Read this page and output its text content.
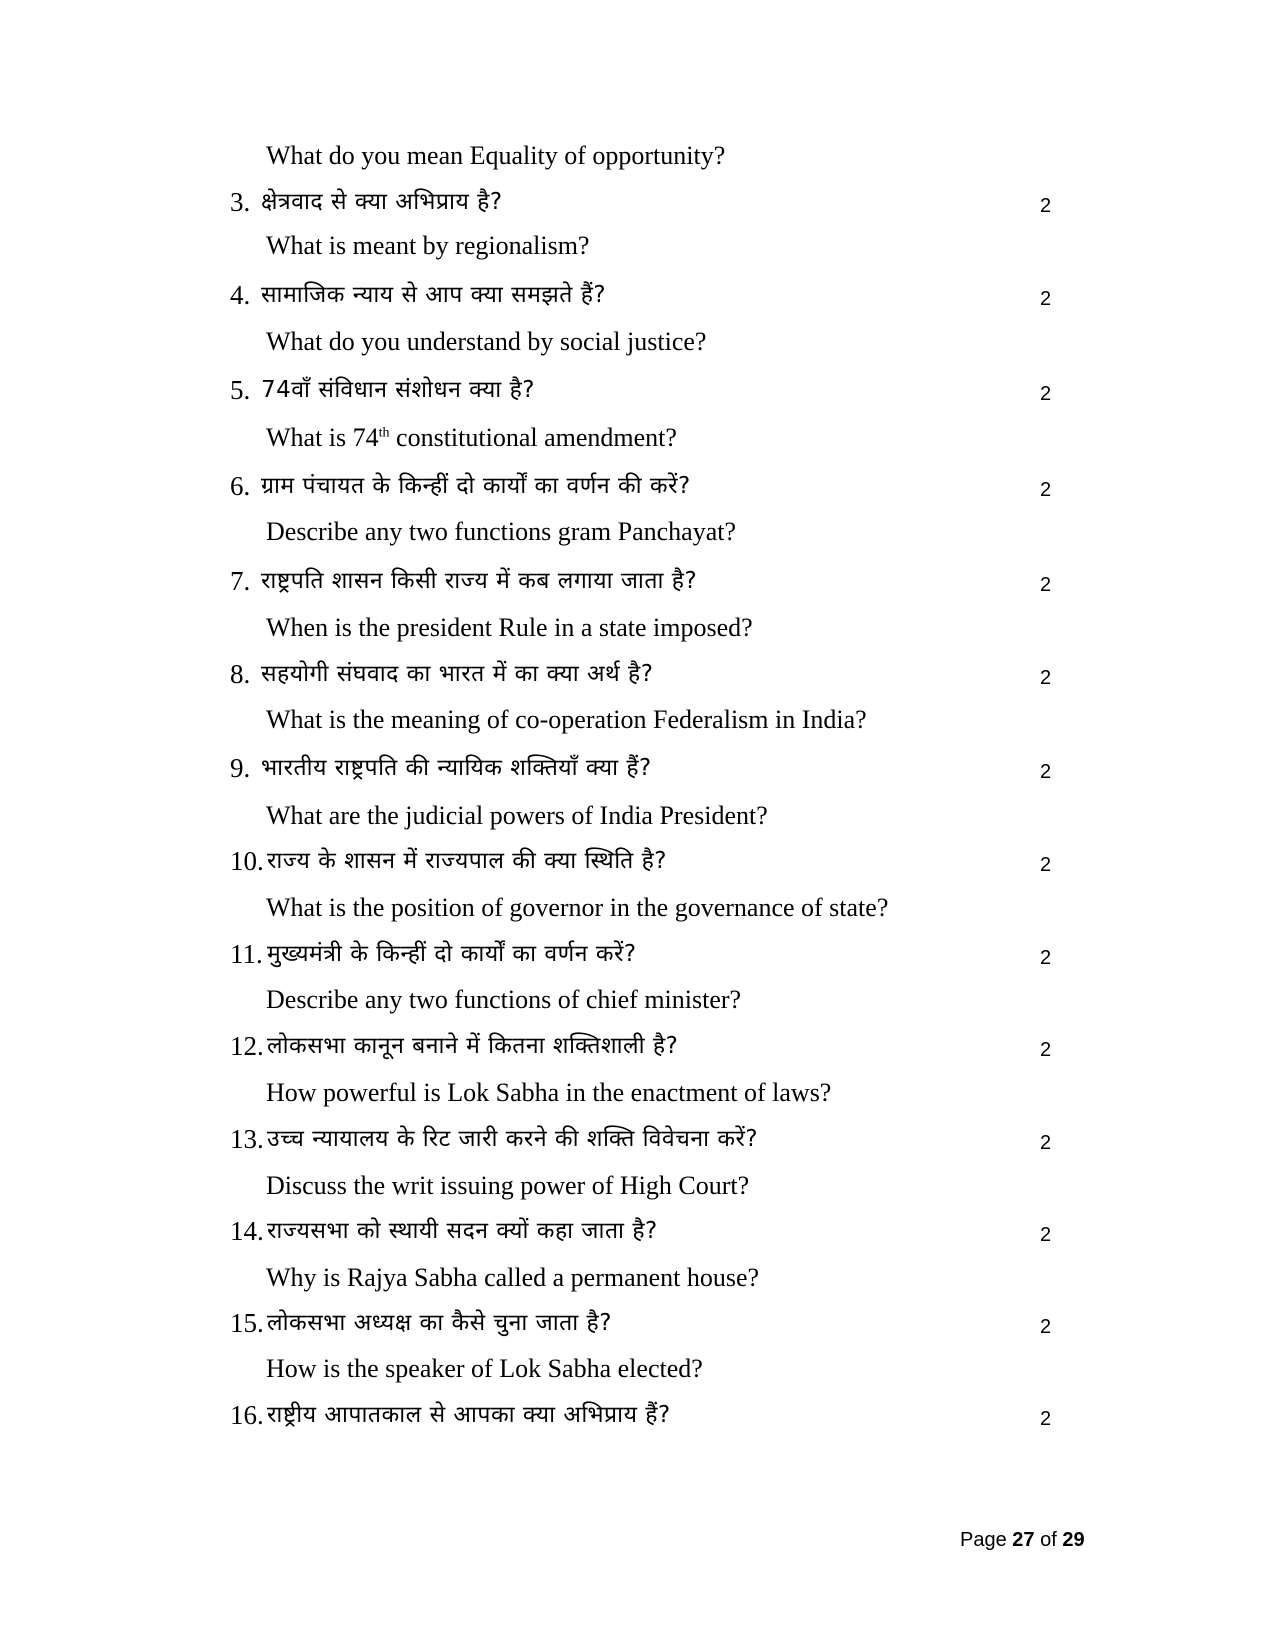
What do you mean Equality of opportunity?
3. क्षेत्रवाद से क्या अभिप्राय है?	2
What is meant by regionalism?
4. सामाजिक न्याय से आप क्या समझते हैं?	2
What do you understand by social justice?
5. 74वॉं संविधान संशोधन क्या है?	2
What is 74th constitutional amendment?
6. ग्राम पंचायत के किन्हीं दो कार्यों का वर्णन की करें?	2
Describe any two functions gram Panchayat?
7. राष्ट्रपति शासन किसी राज्य में कब लगाया जाता है?	2
When is the president Rule in a state imposed?
8. सहयोगी संघवाद का भारत में का क्या अर्थ है?	2
What is the meaning of co-operation Federalism in India?
9. भारतीय राष्ट्रपति की न्यायिक शक्तियाँ क्या हैं?	2
What are the judicial powers of India President?
10. राज्य के शासन में राज्यपाल की क्या स्थिति है?	2
What is the position of governor in the governance of state?
11. मुख्यमंत्री के किन्हीं दो कार्यों का वर्णन करें?	2
Describe any two functions of chief minister?
12. लोकसभा कानून बनाने में कितना शक्तिशाली है?	2
How powerful is Lok Sabha in the enactment of laws?
13. उच्च न्यायालय के रिट जारी करने की शक्ति विवेचना करें?	2
Discuss the writ issuing power of High Court?
14. राज्यसभा को स्थायी सदन क्यों कहा जाता है?	2
Why is Rajya Sabha called a permanent house?
15. लोकसभा अध्यक्ष का कैसे चुना जाता है?	2
How is the speaker of Lok Sabha elected?
16. राष्ट्रीय आपातकाल से आपका क्या अभिप्राय हैं?	2
Page 27 of 29
